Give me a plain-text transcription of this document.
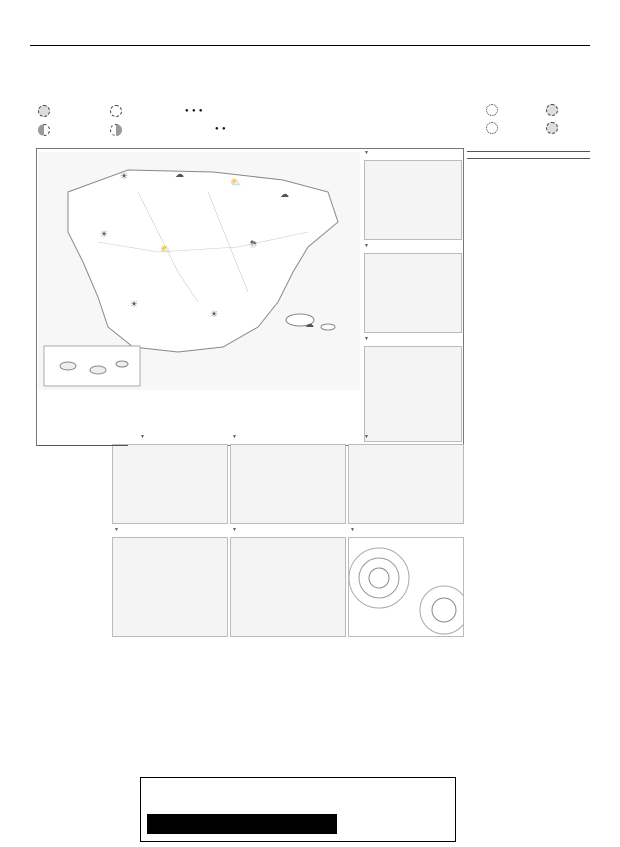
●  ●  ●
●  ●

☀	☁
⛅
☁
☀
⛅	⛈
☀
☀
☁
▼
▼
▼
▼
▼
▼
▼
▼
▼
